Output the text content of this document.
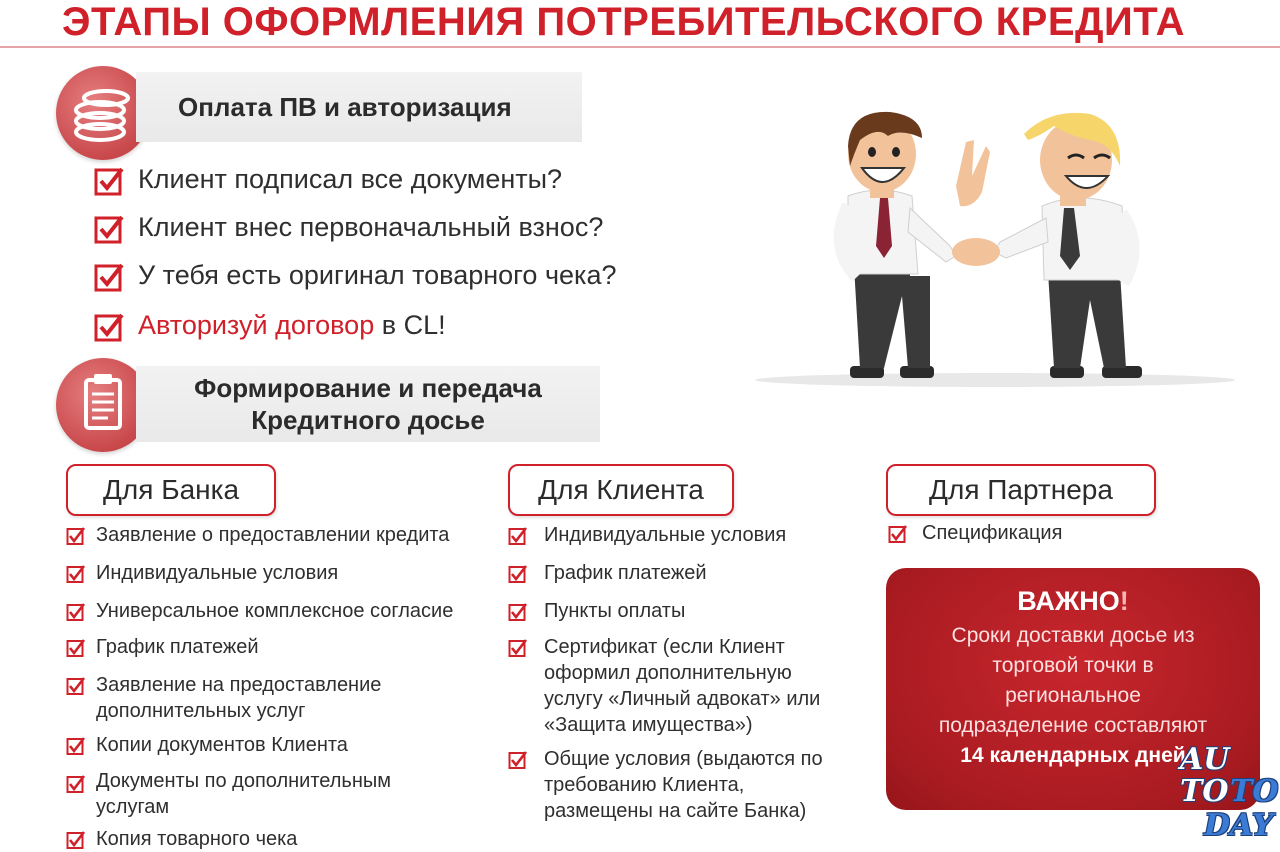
ЭТАПЫ ОФОРМЛЕНИЯ ПОТРЕБИТЕЛЬСКОГО КРЕДИТА
Оплата ПВ и авторизация
Клиент подписал все документы?
Клиент внес первоначальный взнос?
У тебя есть оригинал товарного чека?
Авторизуй договор в CL!
Формирование и передача
Кредитного досье
Для Банка	Для Клиента	Для Партнера
Заявление о предоставлении кредита
Индивидуальные условия
Универсальное комплексное согласие
График платежей
Заявление на предоставление дополнительных услуг
Копии документов Клиента
Документы по дополнительным услугам
Копия товарного чека
Индивидуальные условия
График платежей
Пункты оплаты
Сертификат (если Клиент оформил дополнительную услугу «Личный адвокат» или «Защита имущества»)
Общие условия (выдаются по требованию Клиента, размещены на сайте Банка)
Спецификация
ВАЖНО!
Сроки доставки досье из
торговой точки в
региональное
подразделение составляют
14 календарных дней
AU
TO TO
DAY
